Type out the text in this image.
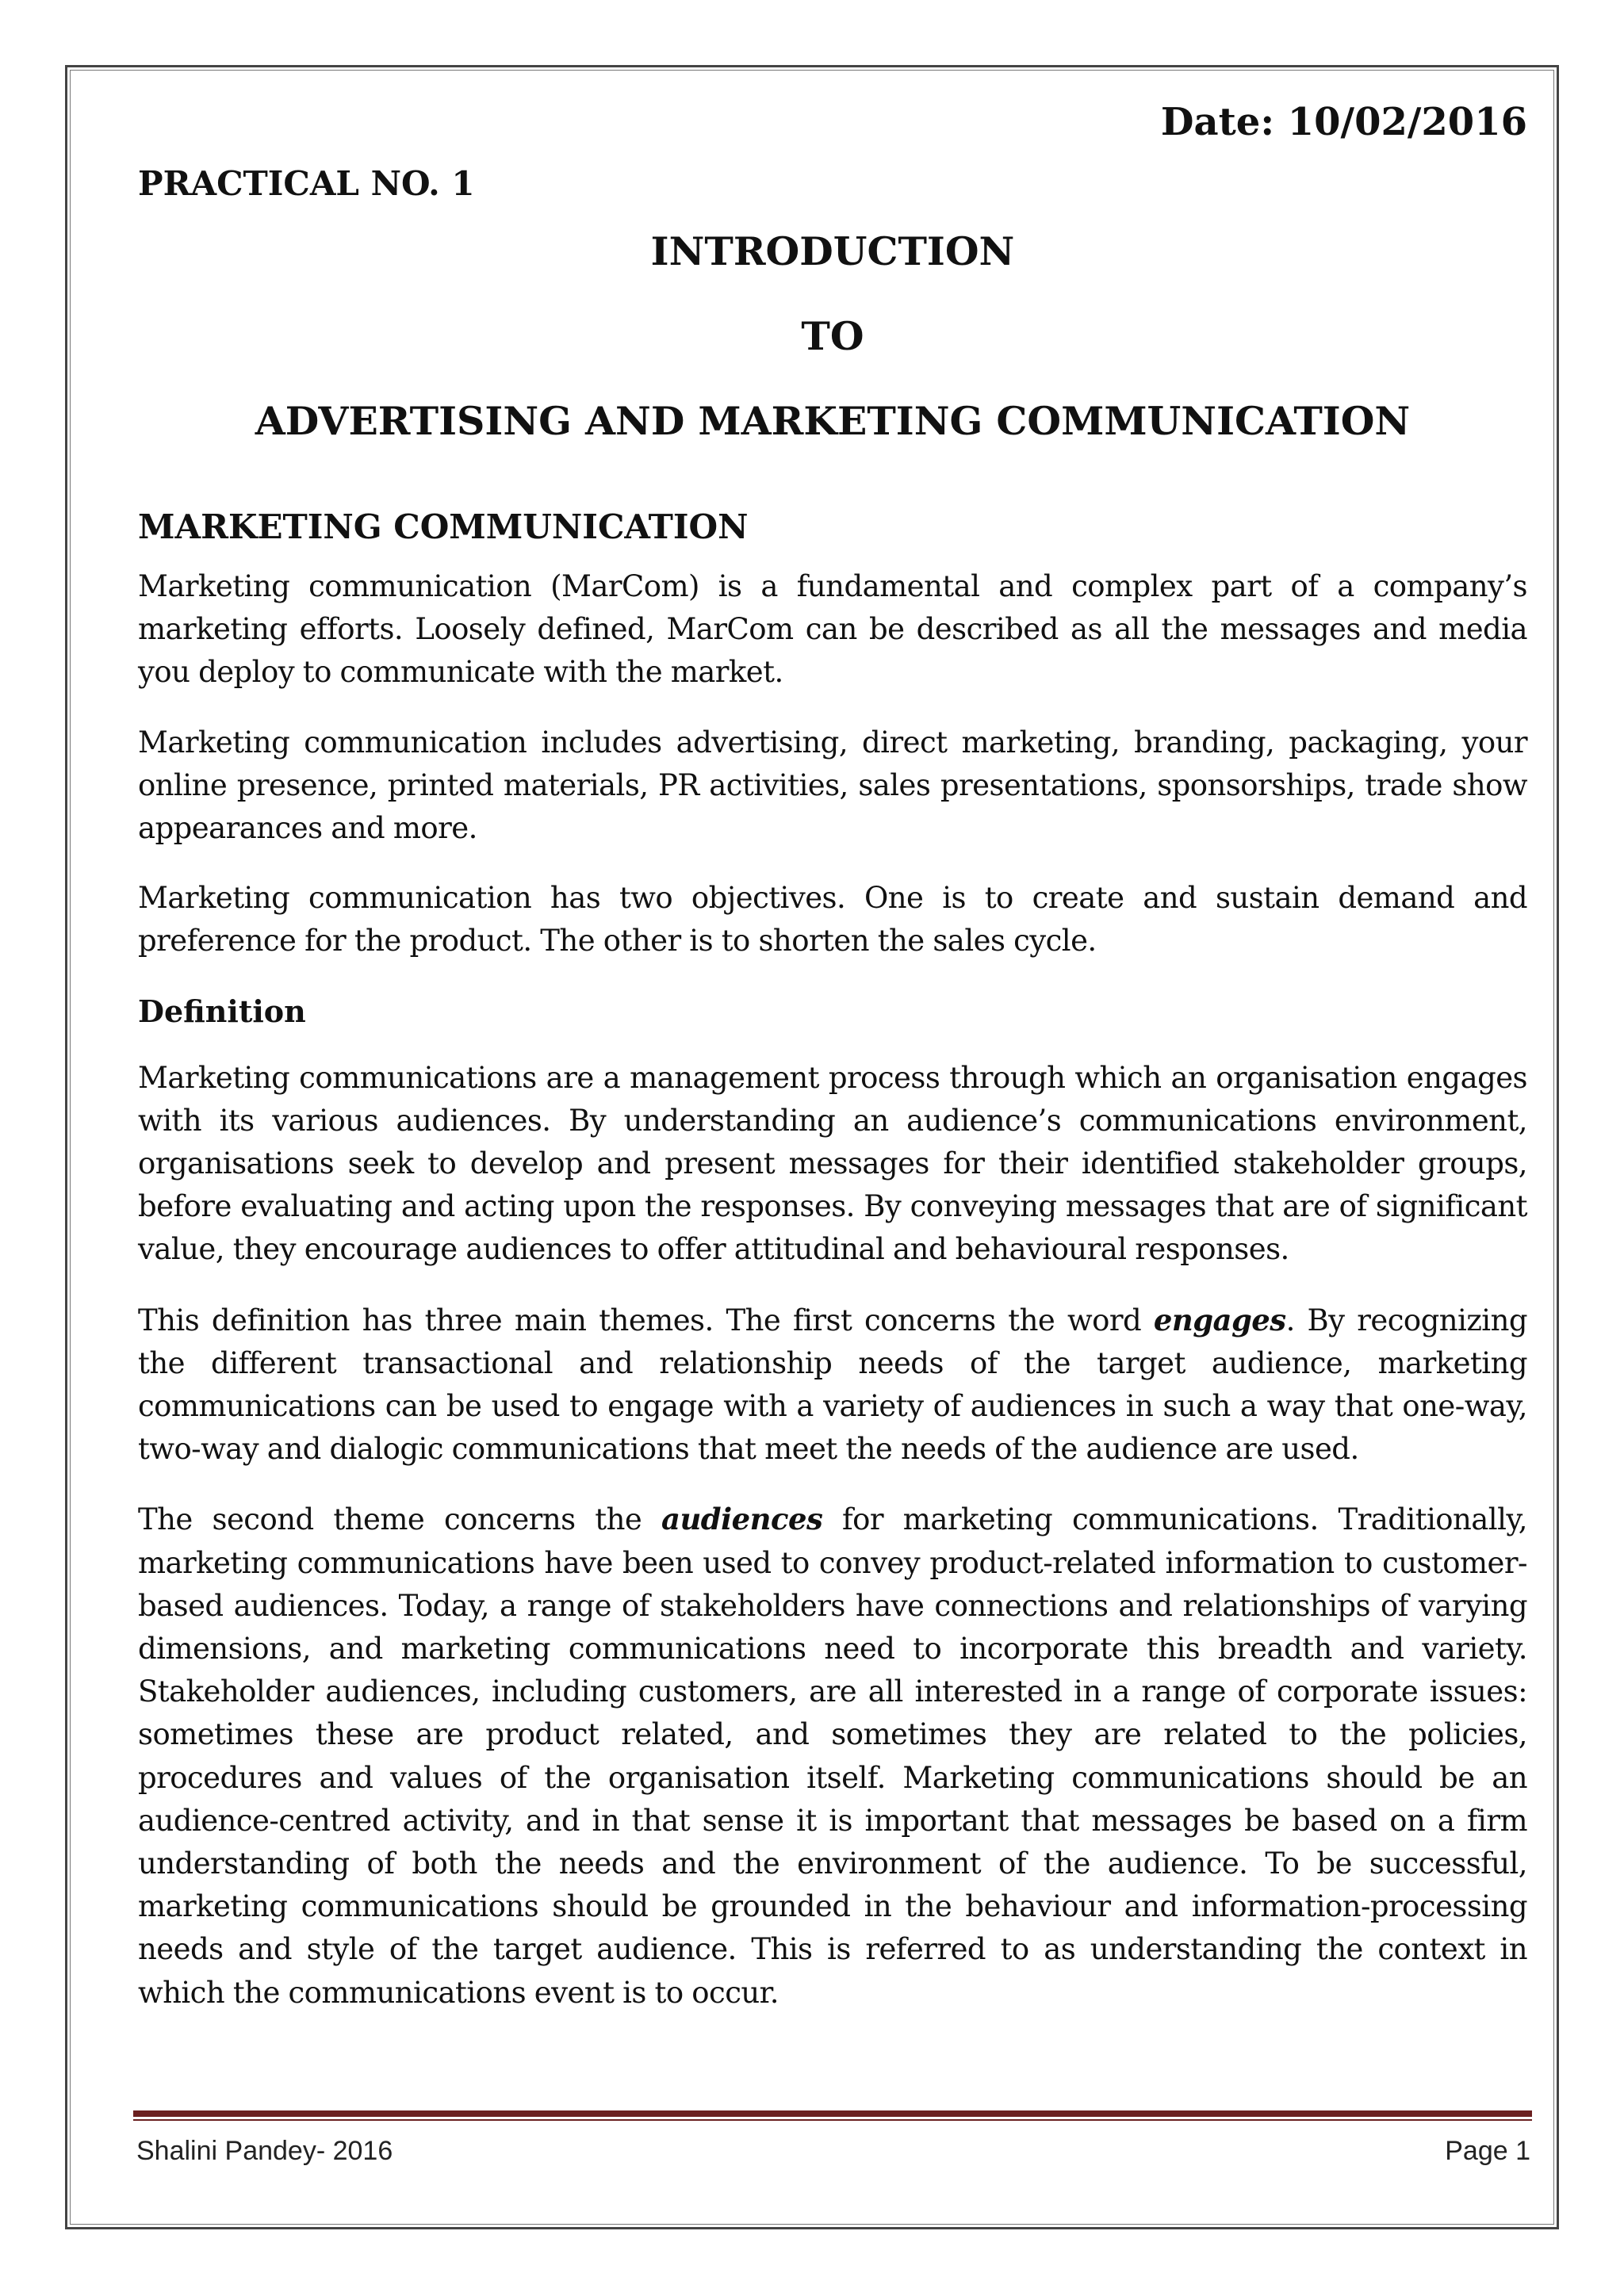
Date: 10/02/2016

PRACTICAL NO. 1

INTRODUCTION

TO

ADVERTISING AND MARKETING COMMUNICATION

MARKETING COMMUNICATION

Marketing communication (MarCom) is a fundamental and complex part of a company’s marketing efforts. Loosely defined, MarCom can be described as all the messages and media you deploy to communicate with the market.

Marketing communication includes advertising, direct marketing, branding, packaging, your online presence, printed materials, PR activities, sales presentations, sponsorships, trade show appearances and more.

Marketing communication has two objectives. One is to create and sustain demand and preference for the product. The other is to shorten the sales cycle.

Definition

Marketing communications are a management process through which an organisation engages with its various audiences. By understanding an audience’s communications environment, organisations seek to develop and present messages for their identified stakeholder groups, before evaluating and acting upon the responses. By conveying messages that are of significant value, they encourage audiences to offer attitudinal and behavioural responses.

This definition has three main themes. The first concerns the word engages. By recognizing the different transactional and relationship needs of the target audience, marketing communications can be used to engage with a variety of audiences in such a way that one-way, two-way and dialogic communications that meet the needs of the audience are used.

The second theme concerns the audiences for marketing communications. Traditionally, marketing communications have been used to convey product-related information to customer-based audiences. Today, a range of stakeholders have connections and relationships of varying dimensions, and marketing communications need to incorporate this breadth and variety. Stakeholder audiences, including customers, are all interested in a range of corporate issues: sometimes these are product related, and sometimes they are related to the policies, procedures and values of the organisation itself. Marketing communications should be an audience-centred activity, and in that sense it is important that messages be based on a firm understanding of both the needs and the environment of the audience. To be successful, marketing communications should be grounded in the behaviour and information-processing needs and style of the target audience. This is referred to as understanding the context in which the communications event is to occur.

Shalini Pandey- 2016	Page 1
